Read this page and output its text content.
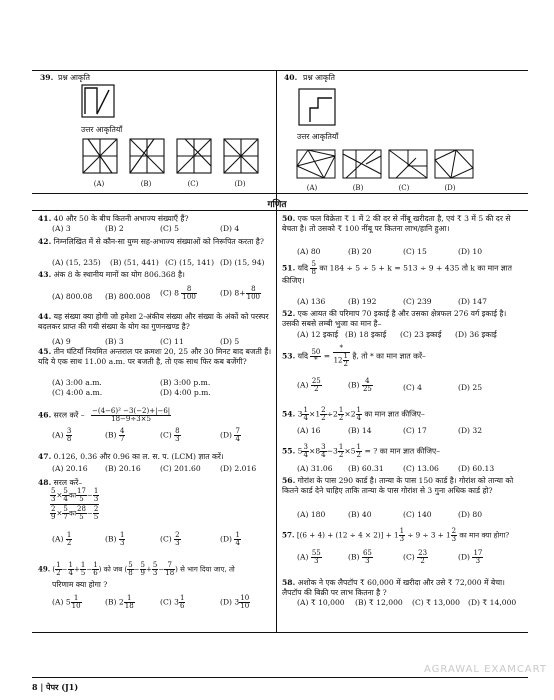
39. प्रश्न आकृति
उत्तर आकृतियाँ
(A)	(B)	(C)	(D)
40. प्रश्न आकृति
उत्तर आकृतियाँ
(A)	(B)	(C)	(D)
गणित
41. 40 और 50 के बीच कितनी अभाज्य संख्याएँ हैं?
(A) 3	(B) 2	(C) 5	(D) 4
42. निम्नलिखित में से कौन-सा युग्म सह-अभाज्य संख्याओं को निरूपित करता है?
(A) (15, 235) (B) (51, 441) (C) (15, 141) (D) (15, 94)
43. अंक 8 के स्थानीय मानों का योग 806.368 है।
(A) 800.08 (B) 800.008 (C) $8 \frac{8}{100}$	(D) $8+ \frac{8}{100}$
44. यह संख्या क्या होगी जो हमेशा 2-अंकीय संख्या और संख्या के अंकों को परस्पर बदलकर प्राप्त की गयी संख्या के योग का गुणनखण्ड है?
(A) 9	(B) 3	(C) 11	(D) 5
45. तीन घंटियाँ नियमित अन्तराल पर क्रमशः 20, 25 और 30 मिनट बाद बजती हैं। यदि ये एक साथ 11.00 a.m. पर बजती है, तो एक साथ फिर कब बजेंगी?
(A) 3:00 a.m.	(B) 3:00 p.m.
(C) 4:00 a.m.	(D) 4:00 p.m.
46. सरल करें – $\frac{\text{−(4−6)² −3(−2)+|−6|}}{18-9\div 3\times 5}$
$(A) \frac{3}{8}$	$(B) \frac{4}{7}$	$(C) \frac{8}{3}$	$(D) \frac{7}{4}$
47. 0.126, 0.36 और 0.96 का ल. स. प. (LCM) ज्ञात करें।
(A) 20.16 (B) 20.16	(C) 201.60	(D) 2.016
48. सरल करें–
$\frac{5}{3} \times \frac{5}{4}$ का $\frac{17}{5} - \frac{1}{3}$
$\frac{2}{9} \times \frac{5}{7}$ का $\frac{28}{5} - \frac{2}{5}$
$(A) \frac{1}{2}$	$(B) \frac{1}{3}$	$(C) \frac{2}{3}$	$(D) \frac{1}{4}$
49. ( $\frac{1}{2} - \frac{1}{4} + \frac{1}{5} - \frac{1}{6}$ ) को जब ( $\frac{5}{8} - \frac{5}{9} + \frac{5}{3} - \frac{7}{18}$ ) से भाग दिया जाए, तो
परिणाम क्या होगा ?
(A) $5 \frac{1}{10}$	(B) $2 \frac{1}{18}$	(C) $3 \frac{1}{6}$	(D) $3 \frac{10}{10}$
50. एक फल विक्रेता ₹ 1 में 2 की दर से नींबू खरीदता है, एवं ₹ 3 में 5 की दर से बेचता है। तो उसको ₹ 100 नींबू पर कितना लाभ/हानि हुआ।
(A) 80	(B) 20	(C) 15	(D) 10
51. यदि $\frac{5}{8}$ का 184 ÷ 5 ÷ 5 + k = 513 ÷ 9 + 435 तो k का मान ज्ञात कीजिए।
(A) 136	(B) 192	(C) 239	(D) 147
52. एक आयत की परिमाप 70 इकाई है और उसका क्षेत्रफल 276 वर्ग इकाई है। उसकी सबसे लम्बी भुजा का मान है–
(A) 12 इकाई (B) 18 इकाई (C) 23 इकाई (D) 36 इकाई
53. यदि $\frac{50}{*} = \frac{*}{12 \frac{1}{2}}$ है, तो * का मान ज्ञात करें–
$(A) \frac{25}{2}$	$(B) \frac{4}{25}$	(C) 4	(D) 25
54. $3 \frac{1}{4} \times 1 \frac{2}{2} \div 2 \frac{1}{2} \times 2 \frac{1}{4}$ का मान ज्ञात कीजिए–
(A) 16	(B) 14	(C) 17	(D) 32
55. $5 \frac{3}{4} \times 8 \frac{3}{4} -3 \frac{1}{2} \times 5 \frac{1}{2}$ = ? का मान ज्ञात कीजिए–
(A) 31.06 (B) 60.31	(C) 13.06	(D) 60.13
56. गोरांश के पास 290 कार्ड है। तान्या के पास 150 कार्ड है। गोरांश को तान्या को कितने कार्ड देने चाहिए ताकि तान्या के पास गोरांश से 3 गुना अधिक कार्ड हो?
(A) 180	(B) 40	(C) 140	(D) 80
57. $[(6 + 4) + (12 \div 4 \times 2)] + 1 \frac{1}{3} \div 9 \div 3 + 1 \frac{2}{3}$ का मान क्या होगा?
$(A) \frac{55}{3}$	$(B) \frac{65}{3}$	$(C) \frac{23}{2}$	$(D) \frac{17}{3}$
58. अशोक ने एक लैपटॉप ₹ 60,000 में खरीदा और उसे ₹ 72,000 में बेचा। लैपटॉप की बिक्री पर लाभ कितना है ?
(A) ₹ 10,000 (B) ₹ 12,000 (C) ₹ 13,000 (D) ₹ 14,000
AGRAWAL EXAMCART
8 | पेपर (J1)
